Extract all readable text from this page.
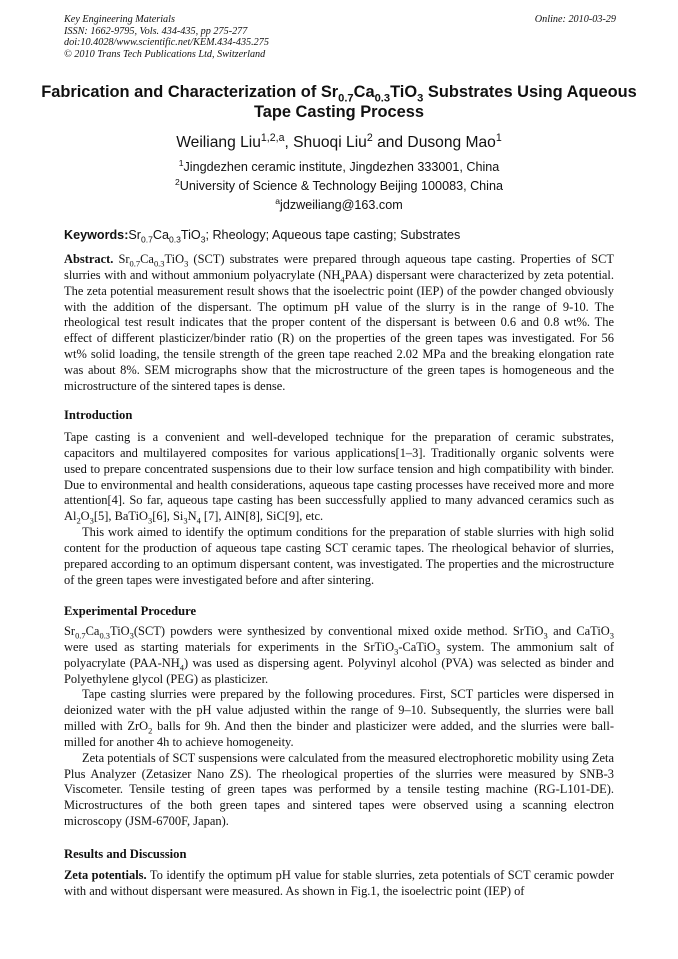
Key Engineering Materials
ISSN: 1662-9795, Vols. 434-435, pp 275-277
doi:10.4028/www.scientific.net/KEM.434-435.275
© 2010 Trans Tech Publications Ltd, Switzerland
Online: 2010-03-29
Fabrication and Characterization of $Sr_{0.7}Ca_{0.3}TiO_3$ Substrates Using Aqueous Tape Casting Process
Weiliang Liu$^{1,2,a}$, Shuoqi Liu$^2$ and Dusong Mao$^1$
$^1$Jingdezhen ceramic institute, Jingdezhen 333001, China
$^2$University of Science & Technology Beijing 100083, China
$^a$jdzweiliang@163.com
$Keywords:Sr_{0.7}Ca_{0.3}TiO_3$; Rheology; Aqueous tape casting; Substrates

Abstract. $Sr_{0.7}Ca_{0.3}TiO_3$ (SCT) substrates were prepared through aqueous tape casting. Properties of SCT slurries with and without ammonium polyacrylate $(NH_4PAA)$ dispersant were characterized by zeta potential. The zeta potential measurement result shows that the isoelectric point (IEP) of the powder changed obviously with the addition of the dispersant. The optimum pH value of the slurry is in the range of 9-10. The rheological test result indicates that the proper content of the dispersant is between 0.6 and 0.8 wt%. The effect of different plasticizer/binder ratio (R) on the properties of the green tapes was investigated. For 56 wt% solid loading, the tensile strength of the green tape reached 2.02 MPa and the breaking elongation rate was about 8%. SEM micrographs show that the microstructure of the green tapes is homogeneous and the microstructure of the sintered tapes is dense.

Introduction

Tape casting is a convenient and well-developed technique for the preparation of ceramic substrates, capacitors and multilayered composites for various applications[1–3]. Traditionally organic solvents were used to prepare concentrated suspensions due to their low surface tension and high compatibility with binder. Due to environmental and health considerations, aqueous tape casting processes have received more and more attention[4]. So far, aqueous tape casting has been successfully applied to many advanced ceramics such as $Al_2O_3[5]$, BaTiO$_3$[6], $Si_3N_4$ [7], AlN[8], SiC[9], etc.

This work aimed to identify the optimum conditions for the preparation of stable slurries with high solid content for the production of aqueous tape casting SCT ceramic tapes. The rheological behavior of slurries, prepared according to an optimum dispersant content, was investigated. The properties and the microstructure of the green tapes were investigated before and after sintering.

Experimental Procedure

$Sr_{0.7}Ca_{0.3}TiO_3(SCT)$ powders were synthesized by conventional mixed oxide method. SrTiO$_3$ and CaTiO$_3$ were used as starting materials for experiments in the SrTiO$_3$-CaTiO$_3$ system. The ammonium salt of polyacrylate $(PAA-NH_4)$ was used as dispersing agent. Polyvinyl alcohol (PVA) was selected as binder and Polyethylene glycol (PEG) as plasticizer.

Tape casting slurries were prepared by the following procedures. First, SCT particles were dispersed in deionized water with the pH value adjusted within the range of 9–10. Subsequently, the slurries were ball milled with ZrO$_2$ balls for 9h. And then the binder and plasticizer were added, and the slurries were ball-milled for another 4h to achieve homogeneity.

Zeta potentials of SCT suspensions were calculated from the measured electrophoretic mobility using Zeta Plus Analyzer (Zetasizer Nano ZS). The rheological properties of the slurries were measured by SNB-3 Viscometer. Tensile testing of green tapes was performed by a tensile testing machine (RG-L101-DE). Microstructures of the both green tapes and sintered tapes were observed using a scanning electron microscopy (JSM-6700F, Japan).

Results and Discussion

Zeta potentials. To identify the optimum pH value for stable slurries, zeta potentials of SCT ceramic powder with and without dispersant were measured. As shown in Fig.1, the isoelectric point (IEP) of
